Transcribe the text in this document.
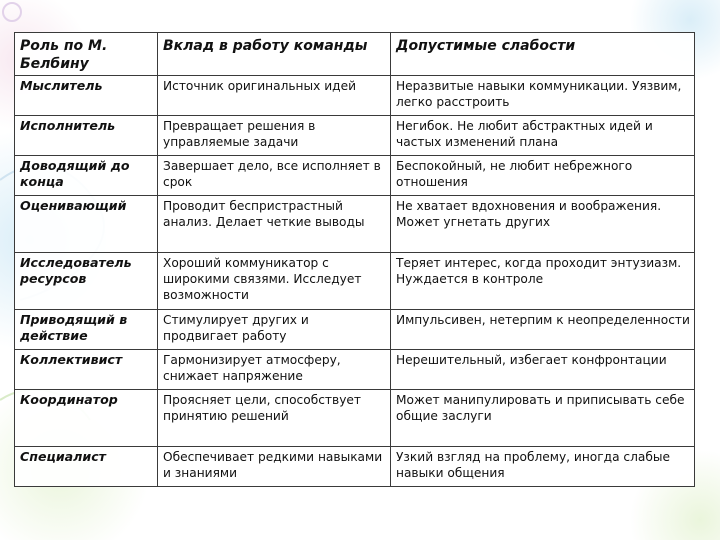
Роль по М. Белбину	Вклад в работу команды	Допустимые слабости
Мыслитель	Источник оригинальных идей	Неразвитые навыки коммуникации. Уязвим, легко расстроить
Исполнитель	Превращает решения в управляемые задачи	Негибок. Не любит абстрактных идей и частых изменений плана
Доводящий до конца	Завершает дело, все исполняет в срок	Беспокойный, не любит небрежного отношения
Оценивающий	Проводит беспристрастный анализ. Делает четкие выводы	Не хватает вдохновения и воображения. Может угнетать других
Исследователь ресурсов	Хороший коммуникатор с широкими связями. Исследует возможности	Теряет интерес, когда проходит энтузиазм. Нуждается в контроле
Приводящий в действие	Стимулирует других и продвигает работу	Импульсивен, нетерпим к неопределенности
Коллективист	Гармонизирует атмосферу, снижает напряжение	Нерешительный, избегает конфронтации
Координатор	Проясняет цели, способствует принятию решений	Может манипулировать и приписывать себе общие заслуги
Специалист	Обеспечивает редкими навыками и знаниями	Узкий взгляд на проблему, иногда слабые навыки общения
